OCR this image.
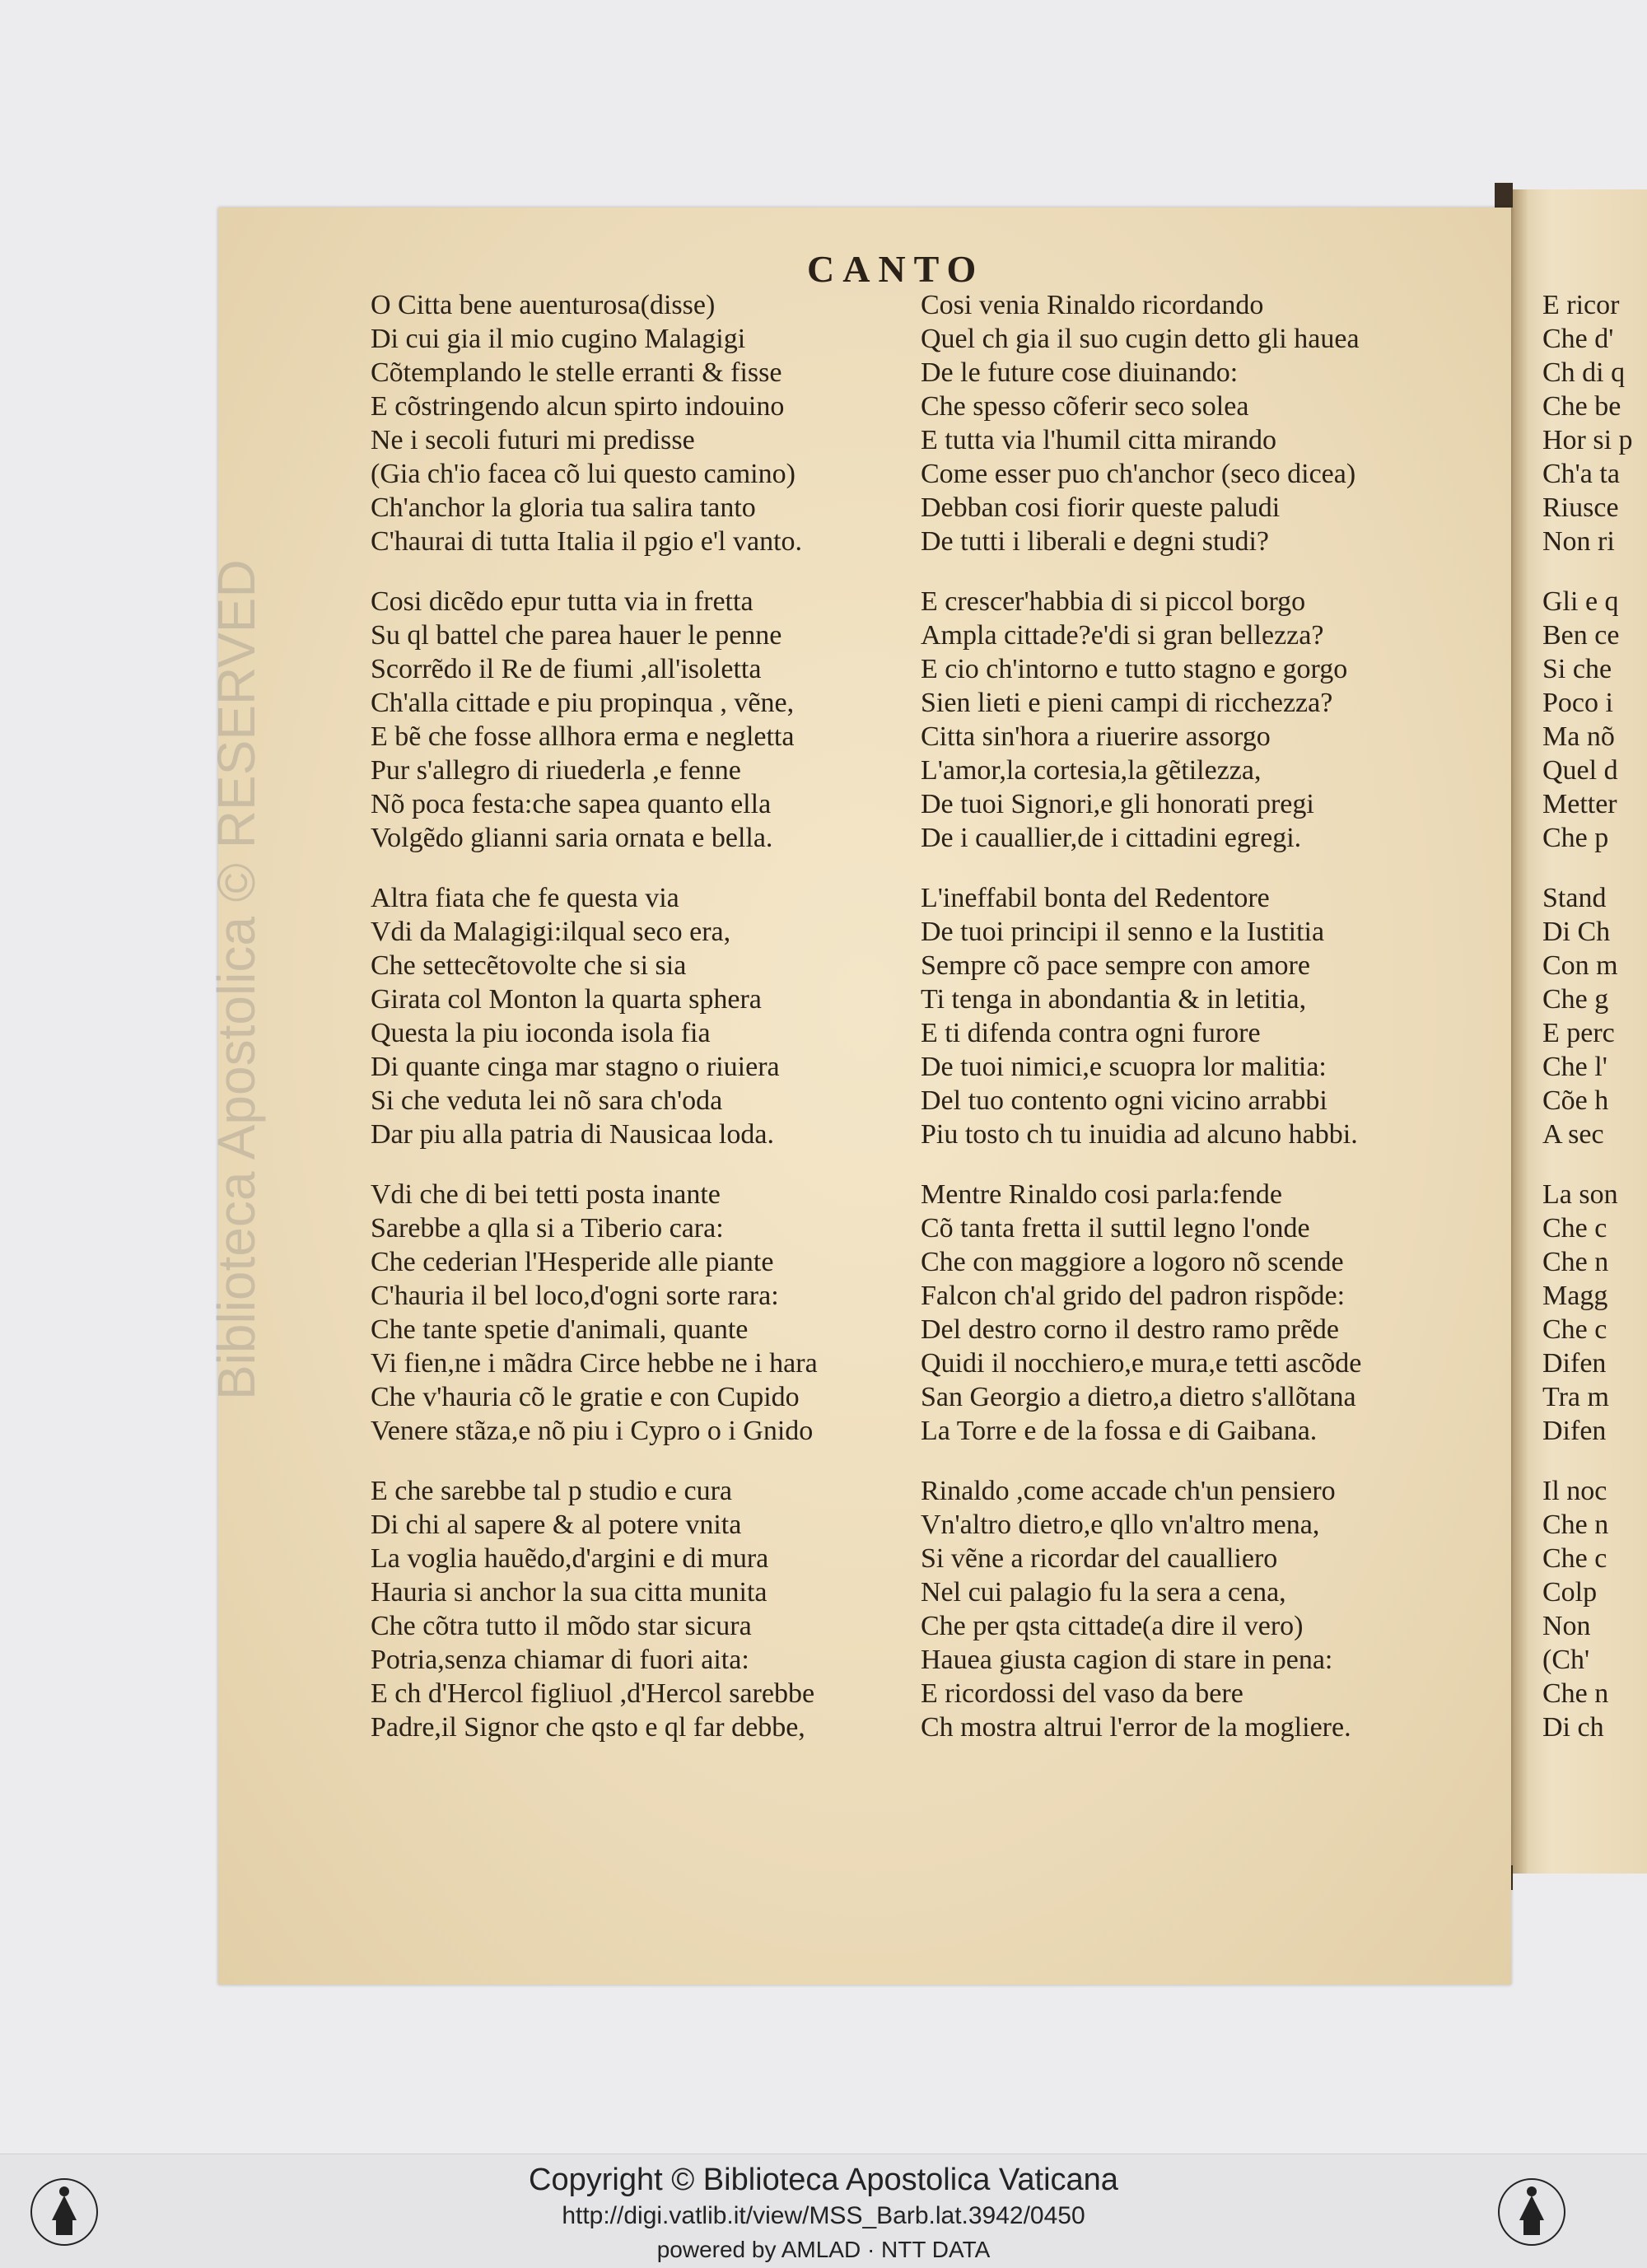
Biblioteca Apostolica © RESERVED
CANTO
O Citta bene auenturosa(disse)
Di cui gia il mio cugino Malagigi
Cõtemplando le stelle erranti & fisse
E cõstringendo alcun spirto indouino
Ne i secoli futuri mi predisse
(Gia ch'io facea cõ lui questo camino)
Ch'anchor la gloria tua salira tanto
C'haurai di tutta Italia il pgio e'l vanto.
Cosi dicẽdo epur tutta via in fretta
Su ql battel che parea hauer le penne
Scorrẽdo il Re de fiumi ,all'isoletta
Ch'alla cittade e piu propinqua , vẽne,
E bẽ che fosse allhora erma e negletta
Pur s'allegro di riuederla ,e fenne
Nõ poca festa:che sapea quanto ella
Volgẽdo glianni saria ornata e bella.
Altra fiata che fe questa via
Vdi da Malagigi:ilqual seco era,
Che settecẽtovolte che si sia
Girata col Monton la quarta sphera
Questa la piu ioconda isola fia
Di quante cinga mar stagno o riuiera
Si che veduta lei nõ sara ch'oda
Dar piu alla patria di Nausicaa loda.
Vdi che di bei tetti posta inante
Sarebbe a qlla si a Tiberio cara:
Che cederian l'Hesperide alle piante
C'hauria il bel loco,d'ogni sorte rara:
Che tante spetie d'animali, quante
Vi fien,ne i mãdra Circe hebbe ne i hara
Che v'hauria cõ le gratie e con Cupido
Venere stãza,e nõ piu i Cypro o i Gnido
E che sarebbe tal p studio e cura
Di chi al sapere & al potere vnita
La voglia hauẽdo,d'argini e di mura
Hauria si anchor la sua citta munita
Che cõtra tutto il mõdo star sicura
Potria,senza chiamar di fuori aita:
E ch d'Hercol figliuol ,d'Hercol sarebbe
Padre,il Signor che qsto e ql far debbe,
Cosi venia Rinaldo ricordando
Quel ch gia il suo cugin detto gli hauea
De le future cose diuinando:
Che spesso cõferir seco solea
E tutta via l'humil citta mirando
Come esser puo ch'anchor (seco dicea)
Debban cosi fiorir queste paludi
De tutti i liberali e degni studi?
E crescer'habbia di si piccol borgo
Ampla cittade?e'di si gran bellezza?
E cio ch'intorno e tutto stagno e gorgo
Sien lieti e pieni campi di ricchezza?
Citta sin'hora a riuerire assorgo
L'amor,la cortesia,la gẽtilezza,
De tuoi Signori,e gli honorati pregi
De i cauallier,de i cittadini egregi.
L'ineffabil bonta del Redentore
De tuoi principi il senno e la Iustitia
Sempre cõ pace sempre con amore
Ti tenga in abondantia & in letitia,
E ti difenda contra ogni furore
De tuoi nimici,e scuopra lor malitia:
Del tuo contento ogni vicino arrabbi
Piu tosto ch tu inuidia ad alcuno habbi.
Mentre Rinaldo cosi parla:fende
Cõ tanta fretta il suttil legno l'onde
Che con maggiore a logoro nõ scende
Falcon ch'al grido del padron rispõde:
Del destro corno il destro ramo prẽde
Quidi il nocchiero,e mura,e tetti ascõde
San Georgio a dietro,a dietro s'allõtana
La Torre e de la fossa e di Gaibana.
Rinaldo ,come accade ch'un pensiero
Vn'altro dietro,e qllo vn'altro mena,
Si vẽne a ricordar del caualliero
Nel cui palagio fu la sera a cena,
Che per qsta cittade(a dire il vero)
Hauea giusta cagion di stare in pena:
E ricordossi del vaso da bere
Ch mostra altrui l'error de la mogliere.
E ricor
Che d'
Ch di q
Che be
Hor si p
Ch'a ta
Riusce
Non ri
Gli e q
Ben ce
Si che
Poco i
Ma nõ
Quel d
Metter
Che p
Stand
Di Ch
Con m
Che g
E perc
Che l'
Cõe h
A sec
La son
Che c
Che n
Magg
Che c
Difen
Tra m
Difen
Il noc
Che n
Che c
Colp
Non
(Ch'
Che n
Di ch
Copyright © Biblioteca Apostolica Vaticana
http://digi.vatlib.it/view/MSS_Barb.lat.3942/0450
powered by AMLAD · NTT DATA
